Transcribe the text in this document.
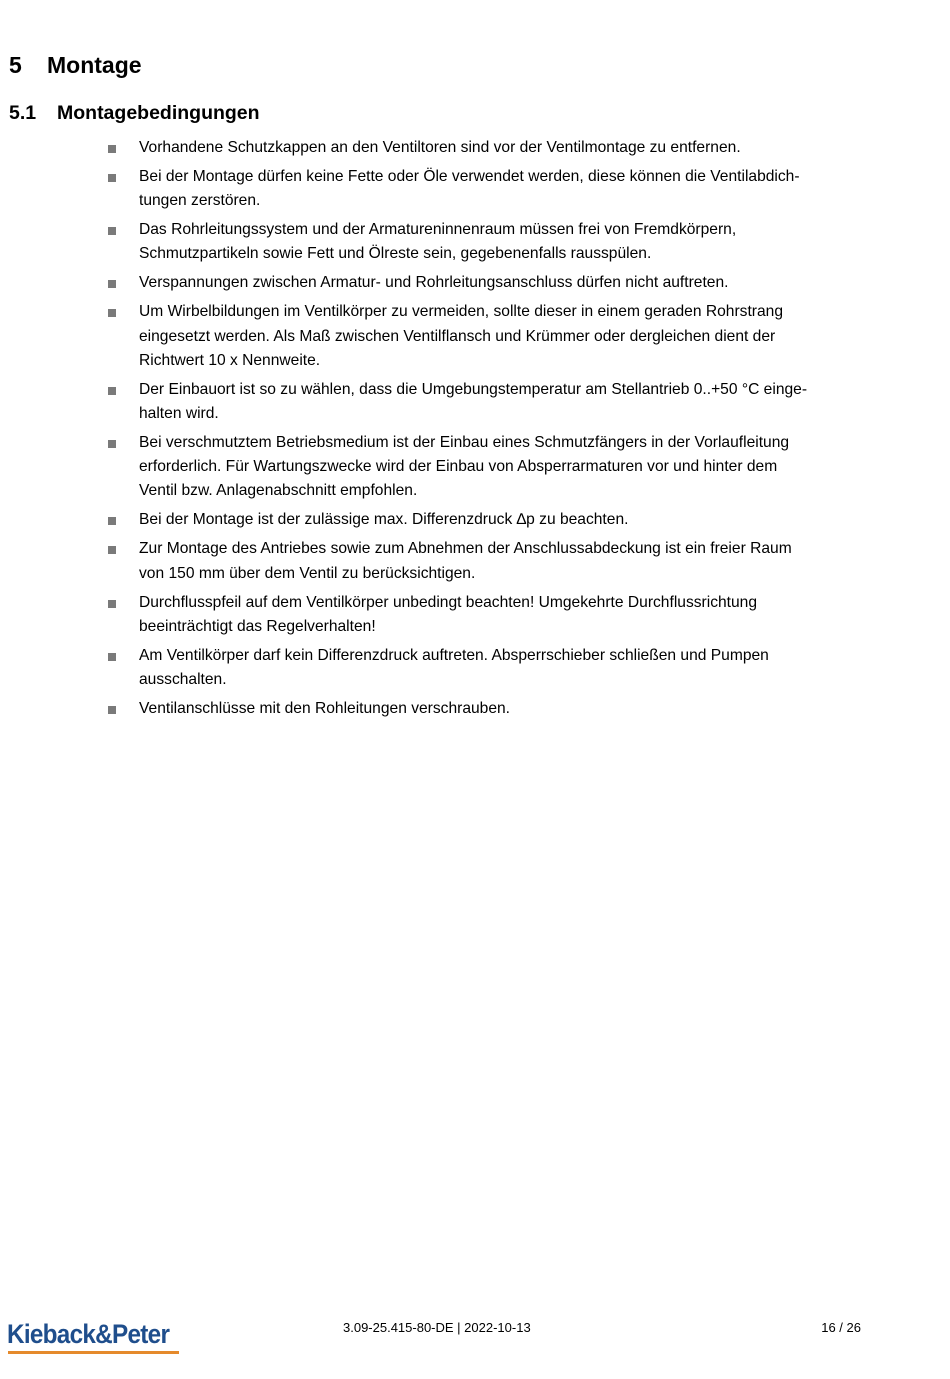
5 Montage
5.1 Montagebedingungen
Vorhandene Schutzkappen an den Ventiltoren sind vor der Ventilmontage zu entfernen.
Bei der Montage dürfen keine Fette oder Öle verwendet werden, diese können die Ventilabdich-
tungen zerstören.
Das Rohrleitungssystem und der Armatureninnenraum müssen frei von Fremdkörpern,
Schmutzpartikeln sowie Fett und Ölreste sein, gegebenenfalls rausspülen.
Verspannungen zwischen Armatur- und Rohrleitungsanschluss dürfen nicht auftreten.
Um Wirbelbildungen im Ventilkörper zu vermeiden, sollte dieser in einem geraden Rohrstrang
eingesetzt werden. Als Maß zwischen Ventilflansch und Krümmer oder dergleichen dient der
Richtwert 10 x Nennweite.
Der Einbauort ist so zu wählen, dass die Umgebungstemperatur am Stellantrieb 0..+50 °C einge-
halten wird.
Bei verschmutztem Betriebsmedium ist der Einbau eines Schmutzfängers in der Vorlaufleitung
erforderlich. Für Wartungszwecke wird der Einbau von Absperrarmaturen vor und hinter dem
Ventil bzw. Anlagenabschnitt empfohlen.
Bei der Montage ist der zulässige max. Differenzdruck ∆p zu beachten.
Zur Montage des Antriebes sowie zum Abnehmen der Anschlussabdeckung ist ein freier Raum
von 150 mm über dem Ventil zu berücksichtigen.
Durchflusspfeil auf dem Ventilkörper unbedingt beachten! Umgekehrte Durchflussrichtung
beeinträchtigt das Regelverhalten!
Am Ventilkörper darf kein Differenzdruck auftreten. Absperrschieber schließen und Pumpen
ausschalten.
Ventilanschlüsse mit den Rohleitungen verschrauben.
Kieback&Peter	3.09-25.415-80-DE | 2022-10-13	16 / 26
